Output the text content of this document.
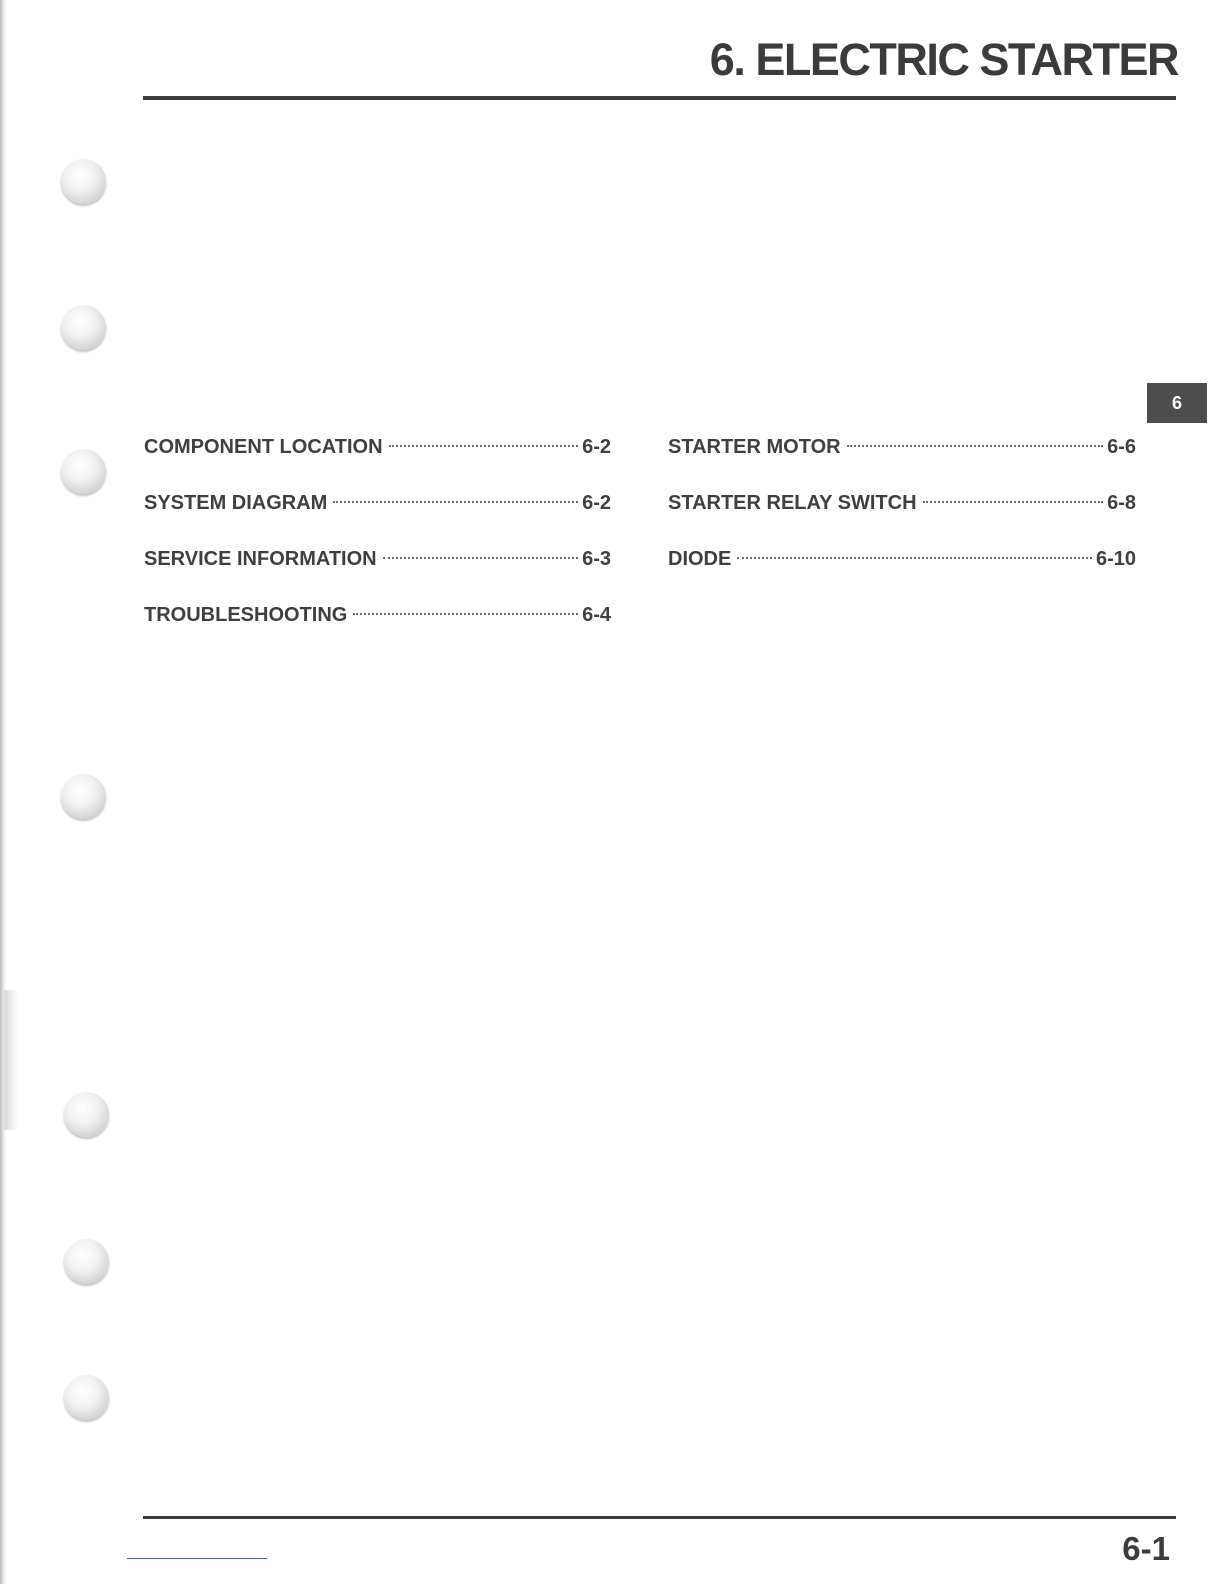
6. ELECTRIC STARTER
6
COMPONENT LOCATION	6-2
SYSTEM DIAGRAM	6-2
SERVICE INFORMATION	6-3
TROUBLESHOOTING	6-4
STARTER MOTOR	6-6
STARTER RELAY SWITCH	6-8
DIODE	6-10

6-1
